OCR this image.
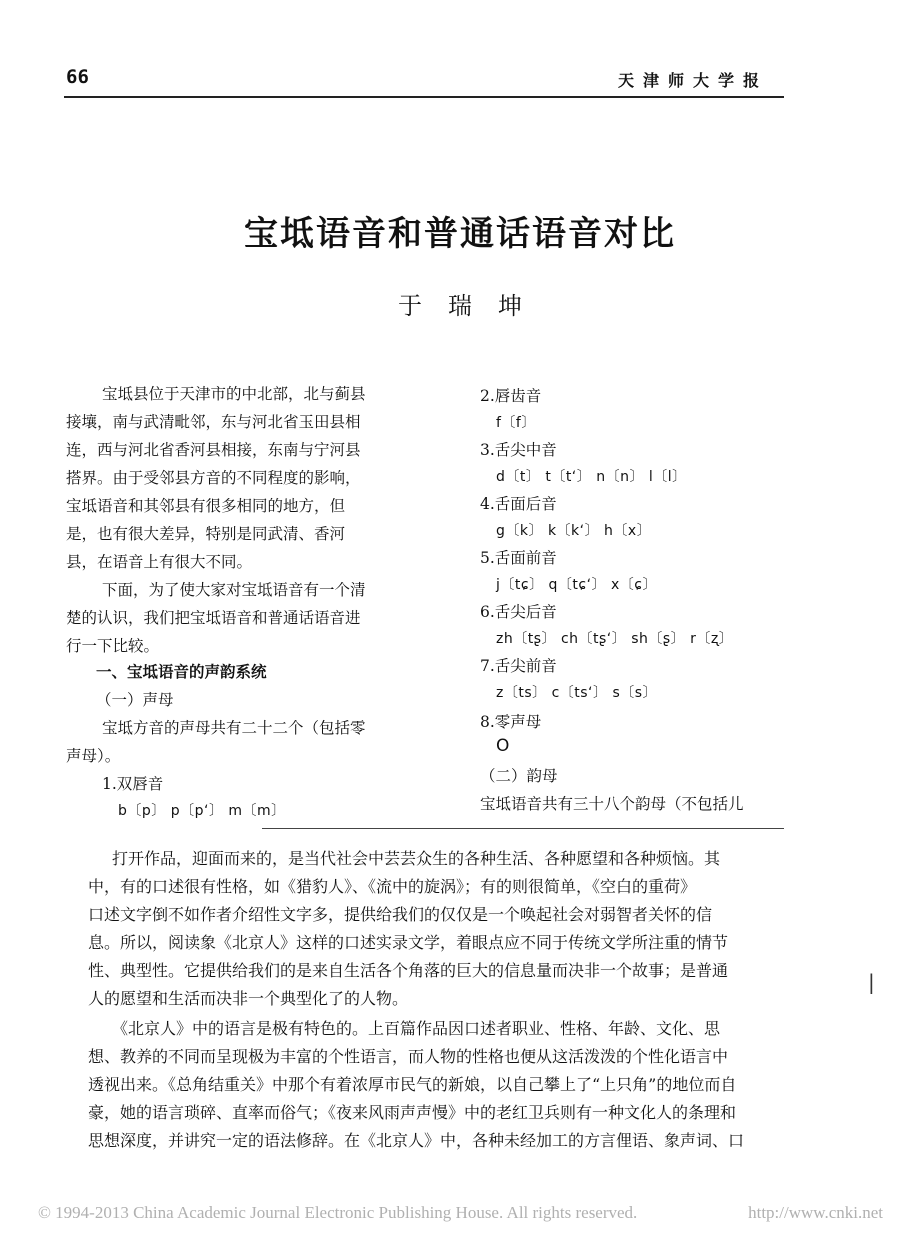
66	天津师大学报
宝坻语音和普通话语音对比
于瑞坤
宝坻县位于天津市的中北部，北与蓟县
接壤，南与武清毗邻，东与河北省玉田县相
连，西与河北省香河县相接，东南与宁河县
搭界。由于受邻县方音的不同程度的影响，
宝坻语音和其邻县有很多相同的地方，但
是，也有很大差异，特别是同武清、香河
县，在语音上有很大不同。
下面，为了使大家对宝坻语音有一个清
楚的认识，我们把宝坻语音和普通话语音进
行一下比较。
一、宝坻语音的声韵系统
（一）声母
宝坻方音的声母共有二十二个（包括零
声母）。
1.双唇音
b〔p〕 p〔p‘〕 m〔m〕
2.唇齿音
f〔f〕
3.舌尖中音
d〔t〕 t〔t‘〕 n〔n〕 l〔l〕
4.舌面后音
g〔k〕 k〔k‘〕 h〔x〕
5.舌面前音
j〔tɕ〕 q〔tɕ‘〕 x〔ɕ〕
6.舌尖后音
zh〔tʂ〕 ch〔tʂ‘〕 sh〔ʂ〕 r〔ʐ〕
7.舌尖前音
z〔ts〕 c〔ts‘〕 s〔s〕
8.零声母
O
（二）韵母
宝坻语音共有三十八个韵母（不包括儿
打开作品，迎面而来的，是当代社会中芸芸众生的各种生活、各种愿望和各种烦恼。其
中，有的口述很有性格，如《猎豹人》、《流中的旋涡》；有的则很简单，《空白的重荷》
口述文字倒不如作者介绍性文字多，提供给我们的仅仅是一个唤起社会对弱智者关怀的信
息。所以，阅读象《北京人》这样的口述实录文学，着眼点应不同于传统文学所注重的情节
性、典型性。它提供给我们的是来自生活各个角落的巨大的信息量而决非一个故事；是普通
人的愿望和生活而决非一个典型化了的人物。
《北京人》中的语言是极有特色的。上百篇作品因口述者职业、性格、年龄、文化、思
想、教养的不同而呈现极为丰富的个性语言，而人物的性格也便从这活泼泼的个性化语言中
透视出来。《总角结重关》中那个有着浓厚市民气的新娘，以自己攀上了“上只角”的地位而自
豪，她的语言琐碎、直率而俗气；《夜来风雨声声慢》中的老红卫兵则有一种文化人的条理和
思想深度，并讲究一定的语法修辞。在《北京人》中，各种未经加工的方言俚语、象声词、口
|
© 1994-2013 China Academic Journal Electronic Publishing House. All rights reserved.	http://www.cnki.net
